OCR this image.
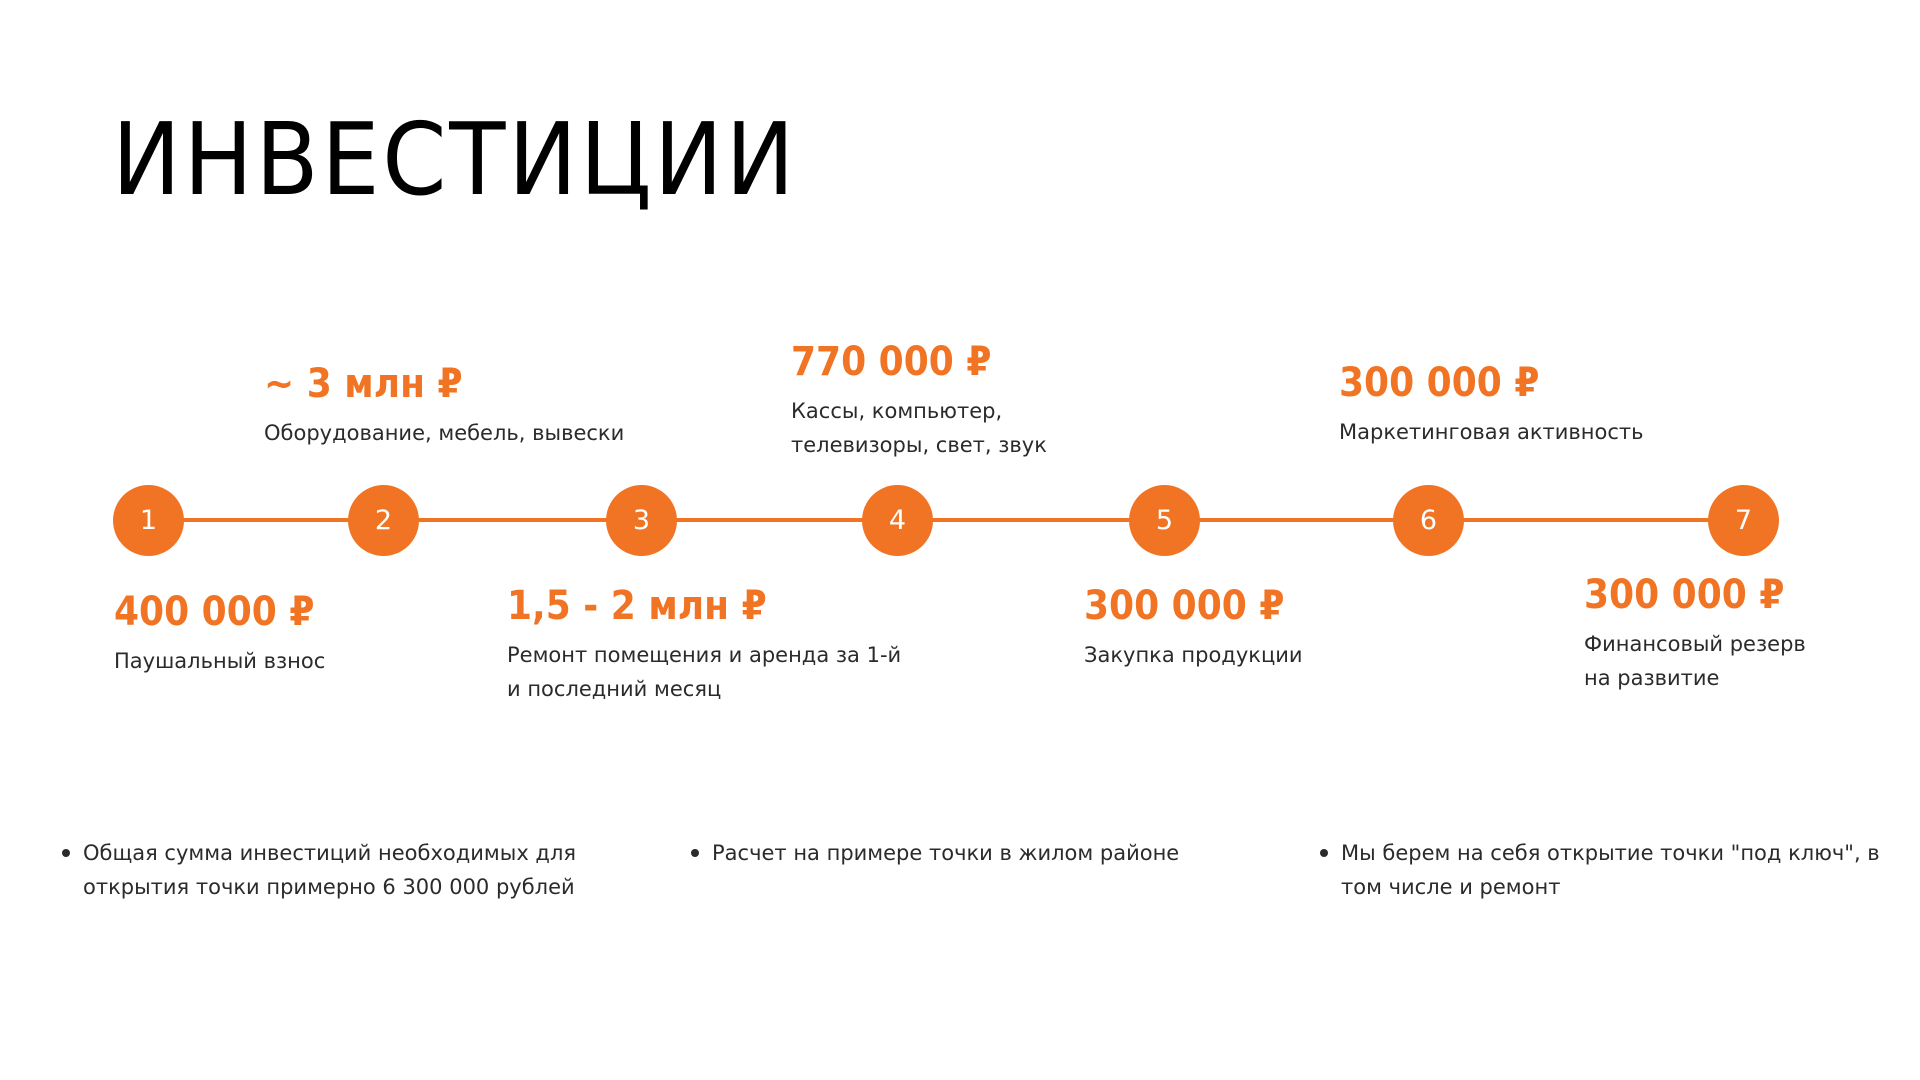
ИНВЕСТИЦИИ
1	2	3	4	5	6	7
400 000 ₽
Паушальный взнос
~ 3 млн ₽
Оборудование, мебель, вывески
1,5 - 2 млн ₽
Ремонт помещения и аренда за 1-й
и последний месяц
770 000 ₽
Кассы, компьютер,
телевизоры, свет, звук
300 000 ₽
Закупка продукции
300 000 ₽
Маркетинговая активность
300 000 ₽
Финансовый резерв
на развитие
Общая сумма инвестиций необходимых для
открытия точки примерно 6 300 000 рублей
Расчет на примере точки в жилом районе	Мы берем на себя открытие точки "под ключ", в
том числе и ремонт
